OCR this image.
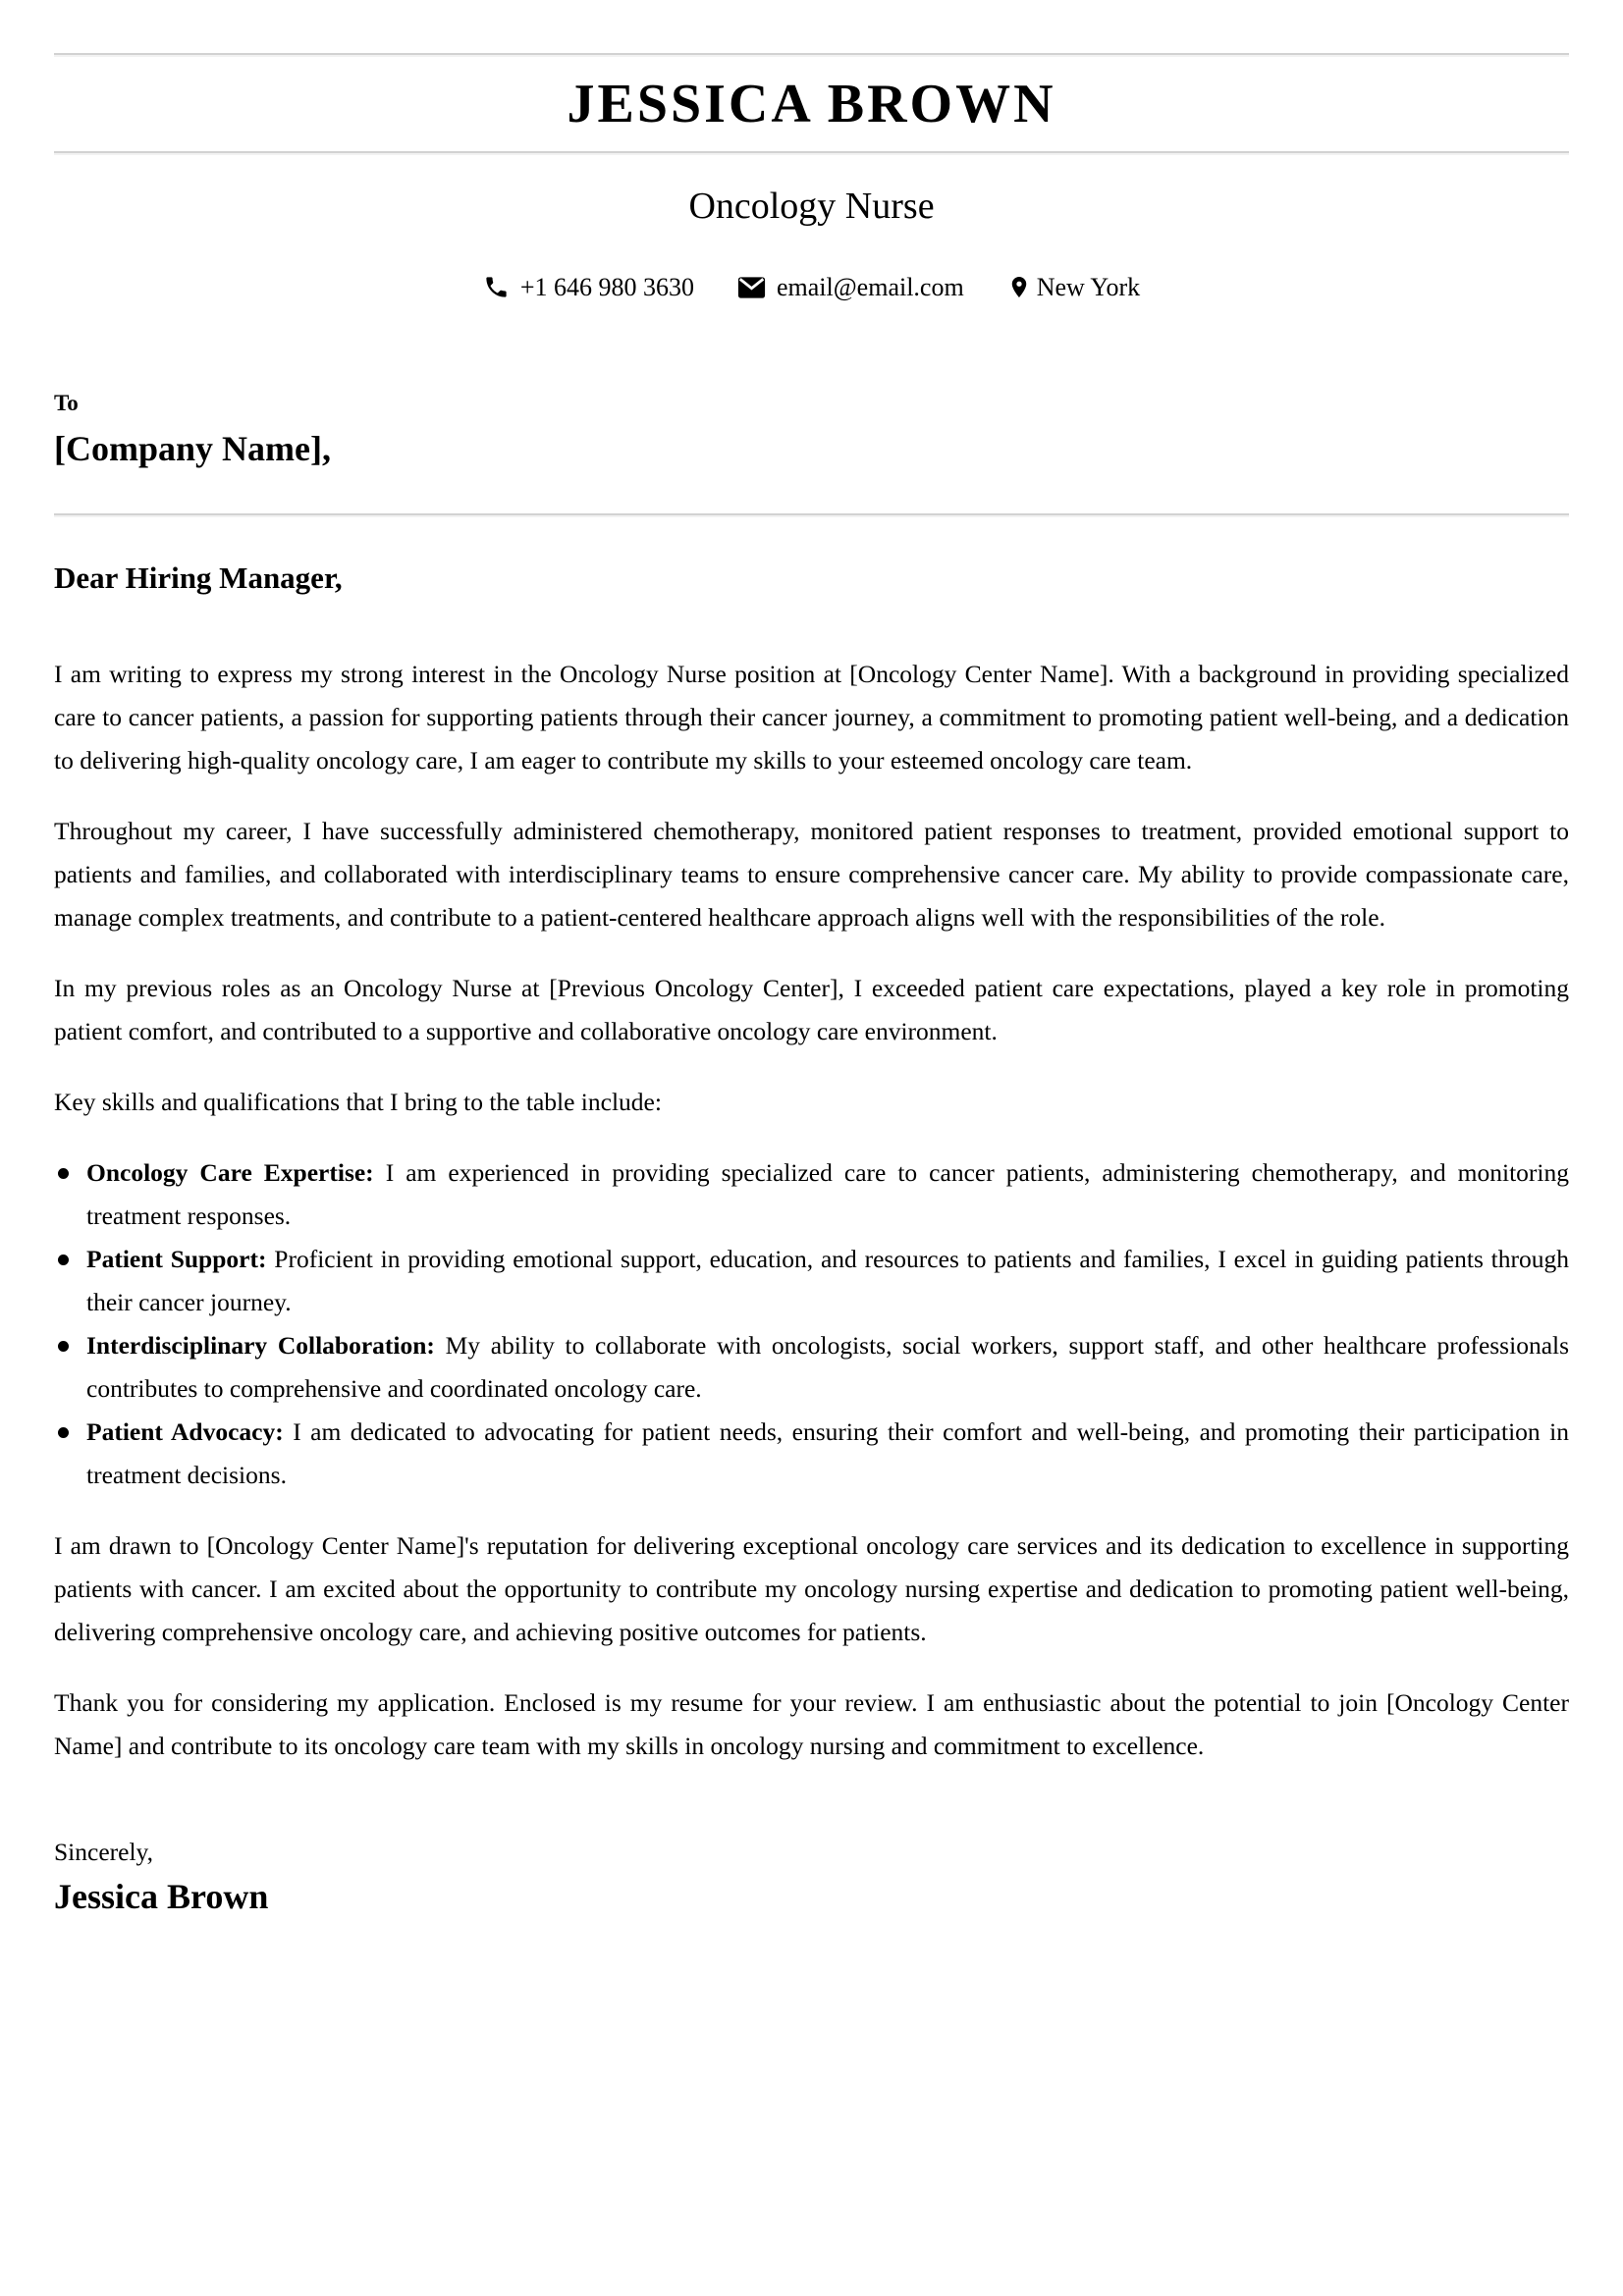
JESSICA BROWN
Oncology Nurse
+1 646 980 3630	email@email.com	New York
To
[Company Name],
Dear Hiring Manager,

I am writing to express my strong interest in the Oncology Nurse position at [Oncology Center Name]. With a background in providing specialized care to cancer patients, a passion for supporting patients through their cancer journey, a commitment to promoting patient well-being, and a dedication to delivering high-quality oncology care, I am eager to contribute my skills to your esteemed oncology care team.

Throughout my career, I have successfully administered chemotherapy, monitored patient responses to treatment, provided emotional support to patients and families, and collaborated with interdisciplinary teams to ensure comprehensive cancer care. My ability to provide compassionate care, manage complex treatments, and contribute to a patient-centered healthcare approach aligns well with the responsibilities of the role.

In my previous roles as an Oncology Nurse at [Previous Oncology Center], I exceeded patient care expectations, played a key role in promoting patient comfort, and contributed to a supportive and collaborative oncology care environment.

Key skills and qualifications that I bring to the table include:

Oncology Care Expertise: I am experienced in providing specialized care to cancer patients, administering chemotherapy, and monitoring treatment responses.
Patient Support: Proficient in providing emotional support, education, and resources to patients and families, I excel in guiding patients through their cancer journey.
Interdisciplinary Collaboration: My ability to collaborate with oncologists, social workers, support staff, and other healthcare professionals contributes to comprehensive and coordinated oncology care.
Patient Advocacy: I am dedicated to advocating for patient needs, ensuring their comfort and well-being, and promoting their participation in treatment decisions.

I am drawn to [Oncology Center Name]'s reputation for delivering exceptional oncology care services and its dedication to excellence in supporting patients with cancer. I am excited about the opportunity to contribute my oncology nursing expertise and dedication to promoting patient well-being, delivering comprehensive oncology care, and achieving positive outcomes for patients.

Thank you for considering my application. Enclosed is my resume for your review. I am enthusiastic about the potential to join [Oncology Center Name] and contribute to its oncology care team with my skills in oncology nursing and commitment to excellence.

Sincerely,
Jessica Brown
